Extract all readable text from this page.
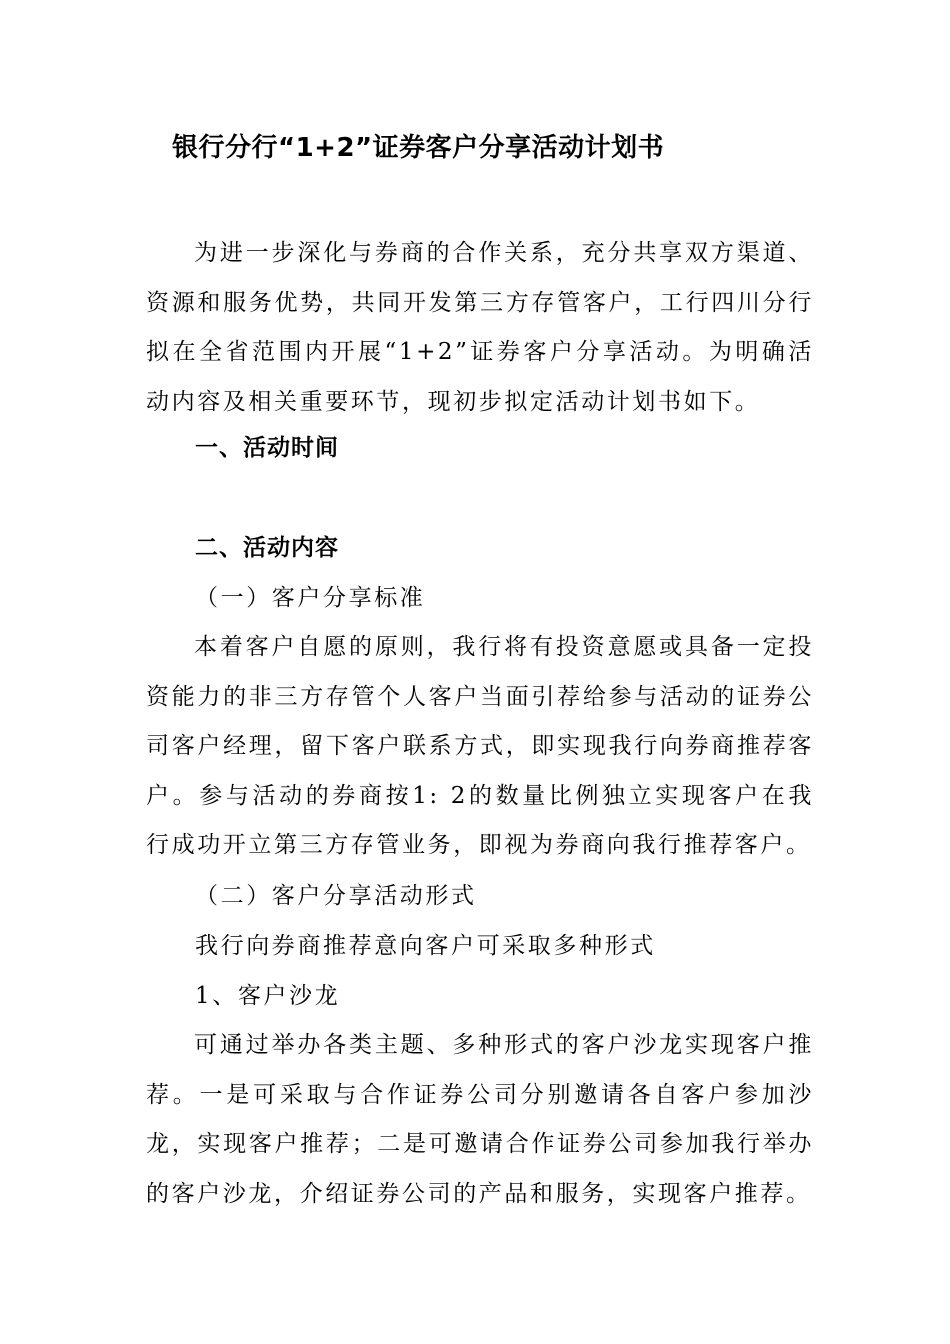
银行分行“1+2”证券客户分享活动计划书

为进一步深化与券商的合作关系，充分共享双方渠道、资源和服务优势，共同开发第三方存管客户，工行四川分行拟在全省范围内开展“1+2”证券客户分享活动。为明确活动内容及相关重要环节，现初步拟定活动计划书如下。

一、活动时间
二、活动内容

（一）客户分享标准

本着客户自愿的原则，我行将有投资意愿或具备一定投资能力的非三方存管个人客户当面引荐给参与活动的证券公司客户经理，留下客户联系方式，即实现我行向券商推荐客户。参与活动的券商按1: 2的数量比例独立实现客户在我行成功开立第三方存管业务，即视为券商向我行推荐客户。

（二）客户分享活动形式

我行向券商推荐意向客户可采取多种形式

1、客户沙龙

可通过举办各类主题、多种形式的客户沙龙实现客户推荐。一是可采取与合作证券公司分别邀请各自客户参加沙龙，实现客户推荐；二是可邀请合作证券公司参加我行举办的客户沙龙，介绍证券公司的产品和服务，实现客户推荐。
